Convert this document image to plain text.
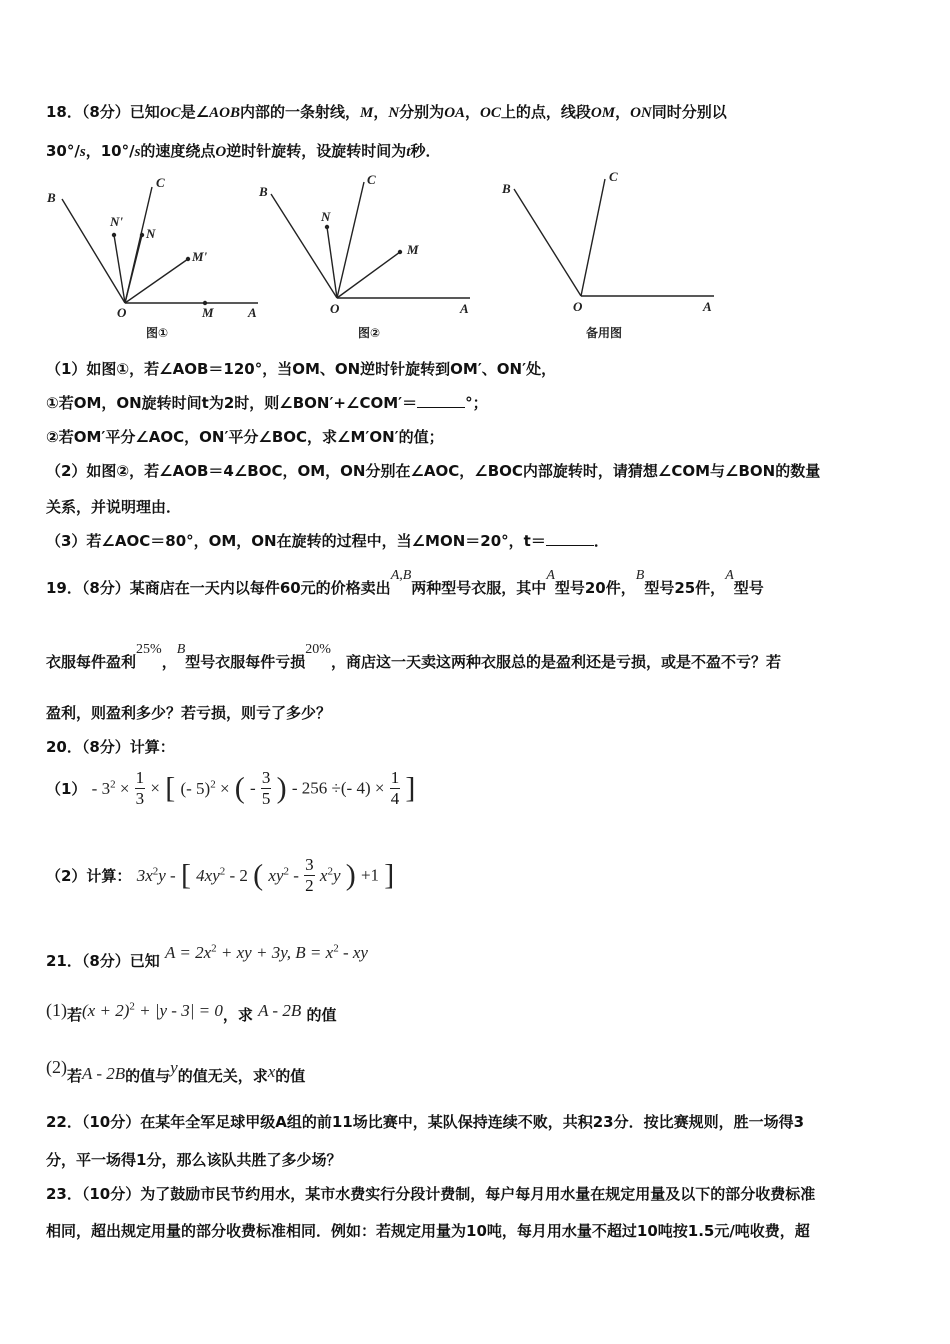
18．（8分）已知OC是∠AOB内部的一条射线，M，N分别为OA，OC上的点，线段OM，ON同时分别以
30°/s，10°/s的速度绕点O逆时针旋转，设旋转时间为t秒．
B
C
N'
N
M'
O	M	A
图①
B
C
N
M
O	A
图②
B
C
O	A
备用图
（1）如图①，若∠AOB＝120°，当OM、ON逆时针旋转到OM′、ON′处，
①若OM，ON旋转时间t为2时，则∠BON′+∠COM′＝	°；
②若OM′平分∠AOC，ON′平分∠BOC，求∠M′ON′的值；
（2）如图②，若∠AOB＝4∠BOC，OM，ON分别在∠AOC，∠BOC内部旋转时，请猜想∠COM与∠BON的数量
关系，并说明理由．
（3）若∠AOC＝80°，OM，ON在旋转的过程中，当∠MON＝20°，t＝	．
19．（8分）某商店在一天内以每件60元的价格卖出A,B两种型号衣服，其中A型号20件，B型号25件，A型号
衣服每件盈利25%，B型号衣服每件亏损20%，商店这一天卖这两种衣服总的是盈利还是亏损，或是不盈不亏？若
盈利，则盈利多少？若亏损，则亏了多少？
20．（8分）计算：
$(1) - 3^2 \times \frac{1}{3}$ × [ (- 5)$^2$ × ( - $\frac{3}{5}$ ) - 256 ÷(- $4) \times \frac{1}{4}$ ]
（2）计算： $3x^2y$ - [ $4xy^2 - 2$ ( $xy^2 - \frac{3}{2} x^2y$ ) +1 ]
21．（8分）已知 $A = 2x^2$ + xy + 3y, $B = x^2$ - xy
(1)若$(x + 2)^2 + |y - 3| = 0$，求 A - 2B 的值
(2)若A - 2B的值与y的值无关，求x的值
22．（10分）在某年全军足球甲级A组的前11场比赛中，某队保持连续不败，共积23分．按比赛规则，胜一场得3
分，平一场得1分，那么该队共胜了多少场？
23．（10分）为了鼓励市民节约用水，某市水费实行分段计费制，每户每月用水量在规定用量及以下的部分收费标准
相同，超出规定用量的部分收费标准相同．例如：若规定用量为10吨，每月用水量不超过10吨按1.5元/吨收费，超
